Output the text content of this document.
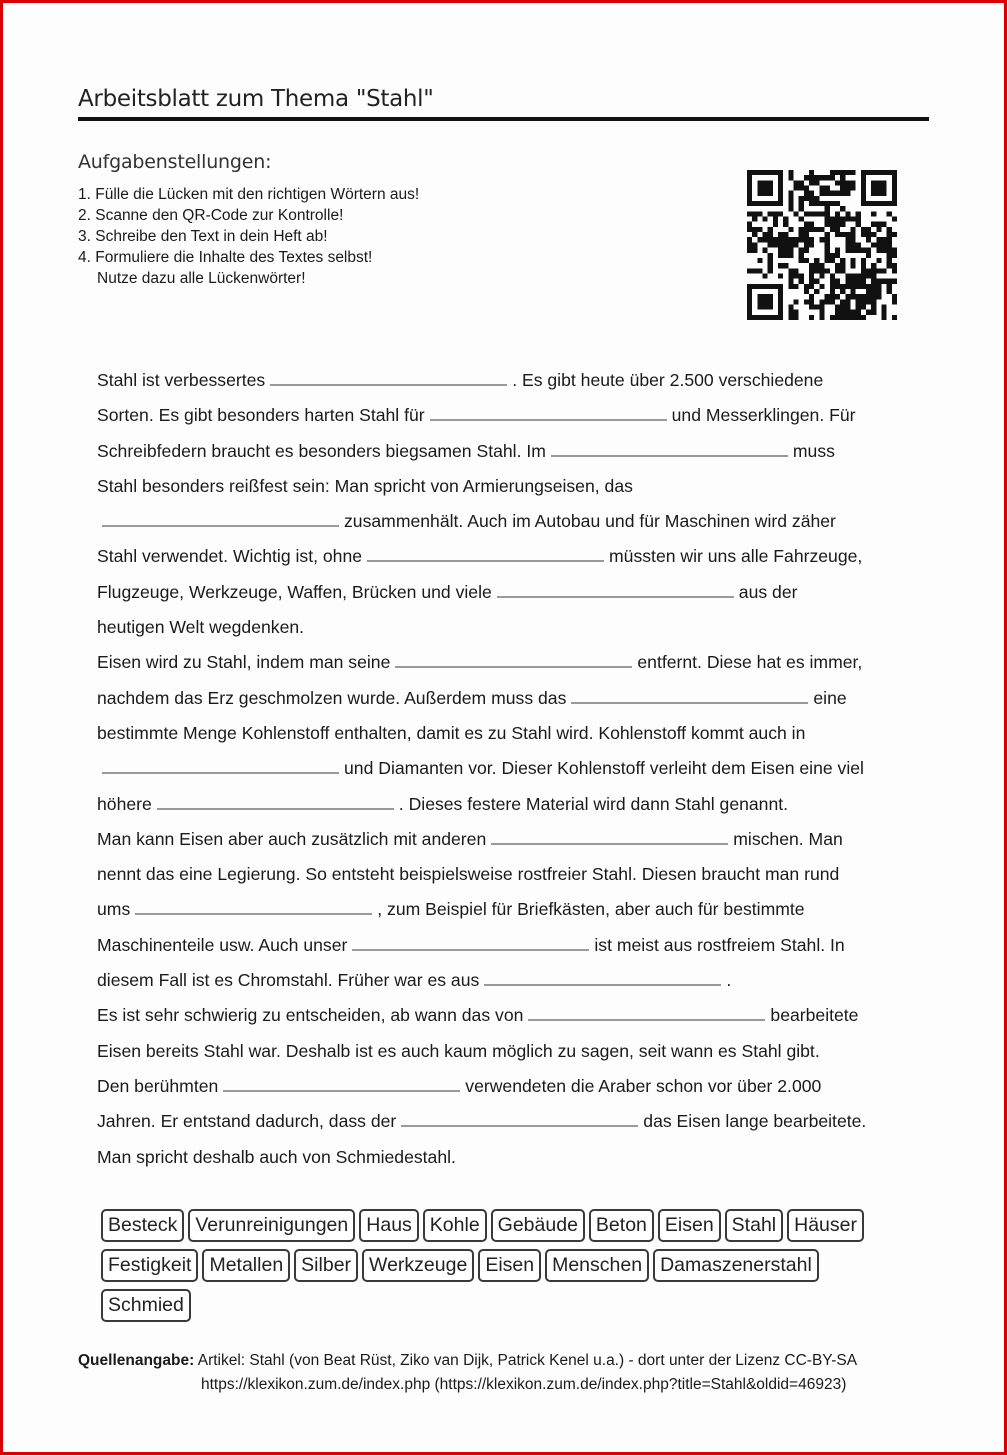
Arbeitsblatt zum Thema "Stahl"
Aufgabenstellungen:
1. Fülle die Lücken mit den richtigen Wörtern aus!
2. Scanne den QR-Code zur Kontrolle!
3. Schreibe den Text in dein Heft ab!
4. Formuliere die Inhalte des Textes selbst!
Nutze dazu alle Lückenwörter!
Stahl ist verbessertes	. Es gibt heute über 2.500 verschiedene
Sorten. Es gibt besonders harten Stahl für	und Messerklingen. Für
Schreibfedern braucht es besonders biegsamen Stahl. Im	muss
Stahl besonders reißfest sein: Man spricht von Armierungseisen, das
zusammenhält. Auch im Autobau und für Maschinen wird zäher
Stahl verwendet. Wichtig ist, ohne	müssten wir uns alle Fahrzeuge,
Flugzeuge, Werkzeuge, Waffen, Brücken und viele	aus der
heutigen Welt wegdenken.
Eisen wird zu Stahl, indem man seine	entfernt. Diese hat es immer,
nachdem das Erz geschmolzen wurde. Außerdem muss das	eine
bestimmte Menge Kohlenstoff enthalten, damit es zu Stahl wird. Kohlenstoff kommt auch in
und Diamanten vor. Dieser Kohlenstoff verleiht dem Eisen eine viel
höhere	. Dieses festere Material wird dann Stahl genannt.
Man kann Eisen aber auch zusätzlich mit anderen	mischen. Man
nennt das eine Legierung. So entsteht beispielsweise rostfreier Stahl. Diesen braucht man rund
ums	, zum Beispiel für Briefkästen, aber auch für bestimmte
Maschinenteile usw. Auch unser	ist meist aus rostfreiem Stahl. In
diesem Fall ist es Chromstahl. Früher war es aus	.
Es ist sehr schwierig zu entscheiden, ab wann das von	bearbeitete
Eisen bereits Stahl war. Deshalb ist es auch kaum möglich zu sagen, seit wann es Stahl gibt.
Den berühmten	verwendeten die Araber schon vor über 2.000
Jahren. Er entstand dadurch, dass der	das Eisen lange bearbeitete.
Man spricht deshalb auch von Schmiedestahl.
Besteck Verunreinigungen Haus Kohle Gebäude Beton Eisen Stahl Häuser
Festigkeit Metallen Silber Werkzeuge Eisen Menschen Damaszenerstahl
Schmied
Quellenangabe: Artikel: Stahl (von Beat Rüst, Ziko van Dijk, Patrick Kenel u.a.) - dort unter der Lizenz CC-BY-SA
https://klexikon.zum.de/index.php (https://klexikon.zum.de/index.php?title=Stahl&oldid=46923)
